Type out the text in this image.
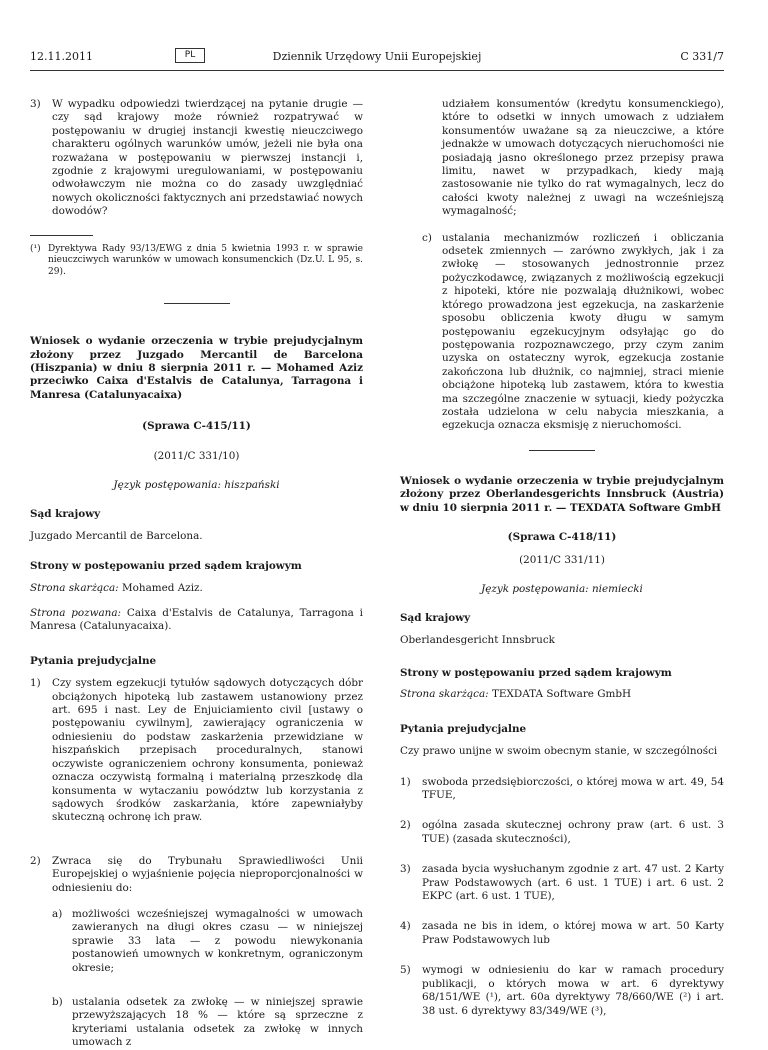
12.11.2011	PL	Dziennik Urzędowy Unii Europejskiej	C 331/7
3) W wypadku odpowiedzi twierdzącej na pytanie drugie — czy sąd krajowy może również rozpatrywać w postępowaniu w drugiej instancji kwestię nieuczciwego charakteru ogólnych warunków umów, jeżeli nie była ona rozważana w postępowaniu w pierwszej instancji i, zgodnie z krajowymi uregulowaniami, w postępowaniu odwoławczym nie można co do zasady uwzględniać nowych okoliczności faktycznych ani przedstawiać nowych dowodów?

(¹) Dyrektywa Rady 93/13/EWG z dnia 5 kwietnia 1993 r. w sprawie nieuczciwych warunków w umowach konsumenckich (Dz.U. L 95, s. 29).

Wniosek o wydanie orzeczenia w trybie prejudycjalnym złożony przez Juzgado Mercantil de Barcelona (Hiszpania) w dniu 8 sierpnia 2011 r. — Mohamed Aziz przeciwko Caixa d'Estalvis de Catalunya, Tarragona i Manresa (Catalunyacaixa)

(Sprawa C-415/11)

(2011/C 331/10)

Język postępowania: hiszpański

Sąd krajowy

Juzgado Mercantil de Barcelona.

Strony w postępowaniu przed sądem krajowym

Strona skarżąca: Mohamed Aziz.

Strona pozwana: Caixa d'Estalvis de Catalunya, Tarragona i Manresa (Catalunyacaixa).

Pytania prejudycjalne

1) Czy system egzekucji tytułów sądowych dotyczących dóbr obciążonych hipoteką lub zastawem ustanowiony przez art. 695 i nast. Ley de Enjuiciamiento civil [ustawy o postępowaniu cywilnym], zawierający ograniczenia w odniesieniu do podstaw zaskarżenia przewidziane w hiszpańskich przepisach proceduralnych, stanowi oczywiste ograniczeniem ochrony konsumenta, ponieważ oznacza oczywistą formalną i materialną przeszkodę dla konsumenta w wytaczaniu powództw lub korzystania z sądowych środków zaskarżania, które zapewniałyby skuteczną ochronę ich praw.

2) Zwraca się do Trybunału Sprawiedliwości Unii Europejskiej o wyjaśnienie pojęcia nieproporcjonalności w odniesieniu do:

a) możliwości wcześniejszej wymagalności w umowach zawieranych na długi okres czasu — w niniejszej sprawie 33 lata — z powodu niewykonania postanowień umownych w konkretnym, ograniczonym okresie;

b) ustalania odsetek za zwłokę — w niniejszej sprawie przewyższających 18 % — które są sprzeczne z kryteriami ustalania odsetek za zwłokę w innych umowach z

udziałem konsumentów (kredytu konsumenckiego), które to odsetki w innych umowach z udziałem konsumentów uważane są za nieuczciwe, a które jednakże w umowach dotyczących nieruchomości nie posiadają jasno określonego przez przepisy prawa limitu, nawet w przypadkach, kiedy mają zastosowanie nie tylko do rat wymagalnych, lecz do całości kwoty należnej z uwagi na wcześniejszą wymagalność;

c) ustalania mechanizmów rozliczeń i obliczania odsetek zmiennych — zarówno zwykłych, jak i za zwłokę — stosowanych jednostronnie przez pożyczkodawcę, związanych z możliwością egzekucji z hipoteki, które nie pozwalają dłużnikowi, wobec którego prowadzona jest egzekucja, na zaskarżenie sposobu obliczenia kwoty długu w samym postępowaniu egzekucyjnym odsyłając go do postępowania rozpoznawczego, przy czym zanim uzyska on ostateczny wyrok, egzekucja zostanie zakończona lub dłużnik, co najmniej, straci mienie obciążone hipoteką lub zastawem, która to kwestia ma szczególne znaczenie w sytuacji, kiedy pożyczka została udzielona w celu nabycia mieszkania, a egzekucja oznacza eksmisję z nieruchomości.

Wniosek o wydanie orzeczenia w trybie prejudycjalnym złożony przez Oberlandesgerichts Innsbruck (Austria) w dniu 10 sierpnia 2011 r. — TEXDATA Software GmbH

(Sprawa C-418/11)

(2011/C 331/11)

Język postępowania: niemiecki

Sąd krajowy

Oberlandesgericht Innsbruck

Strony w postępowaniu przed sądem krajowym

Strona skarżąca: TEXDATA Software GmbH

Pytania prejudycjalne

Czy prawo unijne w swoim obecnym stanie, w szczególności

1) swoboda przedsiębiorczości, o której mowa w art. 49, 54 TFUE,

2) ogólna zasada skutecznej ochrony praw (art. 6 ust. 3 TUE) (zasada skuteczności),

3) zasada bycia wysłuchanym zgodnie z art. 47 ust. 2 Karty Praw Podstawowych (art. 6 ust. 1 TUE) i art. 6 ust. 2 EKPC (art. 6 ust. 1 TUE),

4) zasada ne bis in idem, o której mowa w art. 50 Karty Praw Podstawowych lub

5) wymogi w odniesieniu do kar w ramach procedury publikacji, o których mowa w art. 6 dyrektywy 68/151/WE (¹), art. 60a dyrektywy 78/660/WE (²) i art. 38 ust. 6 dyrektywy 83/349/WE (³),
